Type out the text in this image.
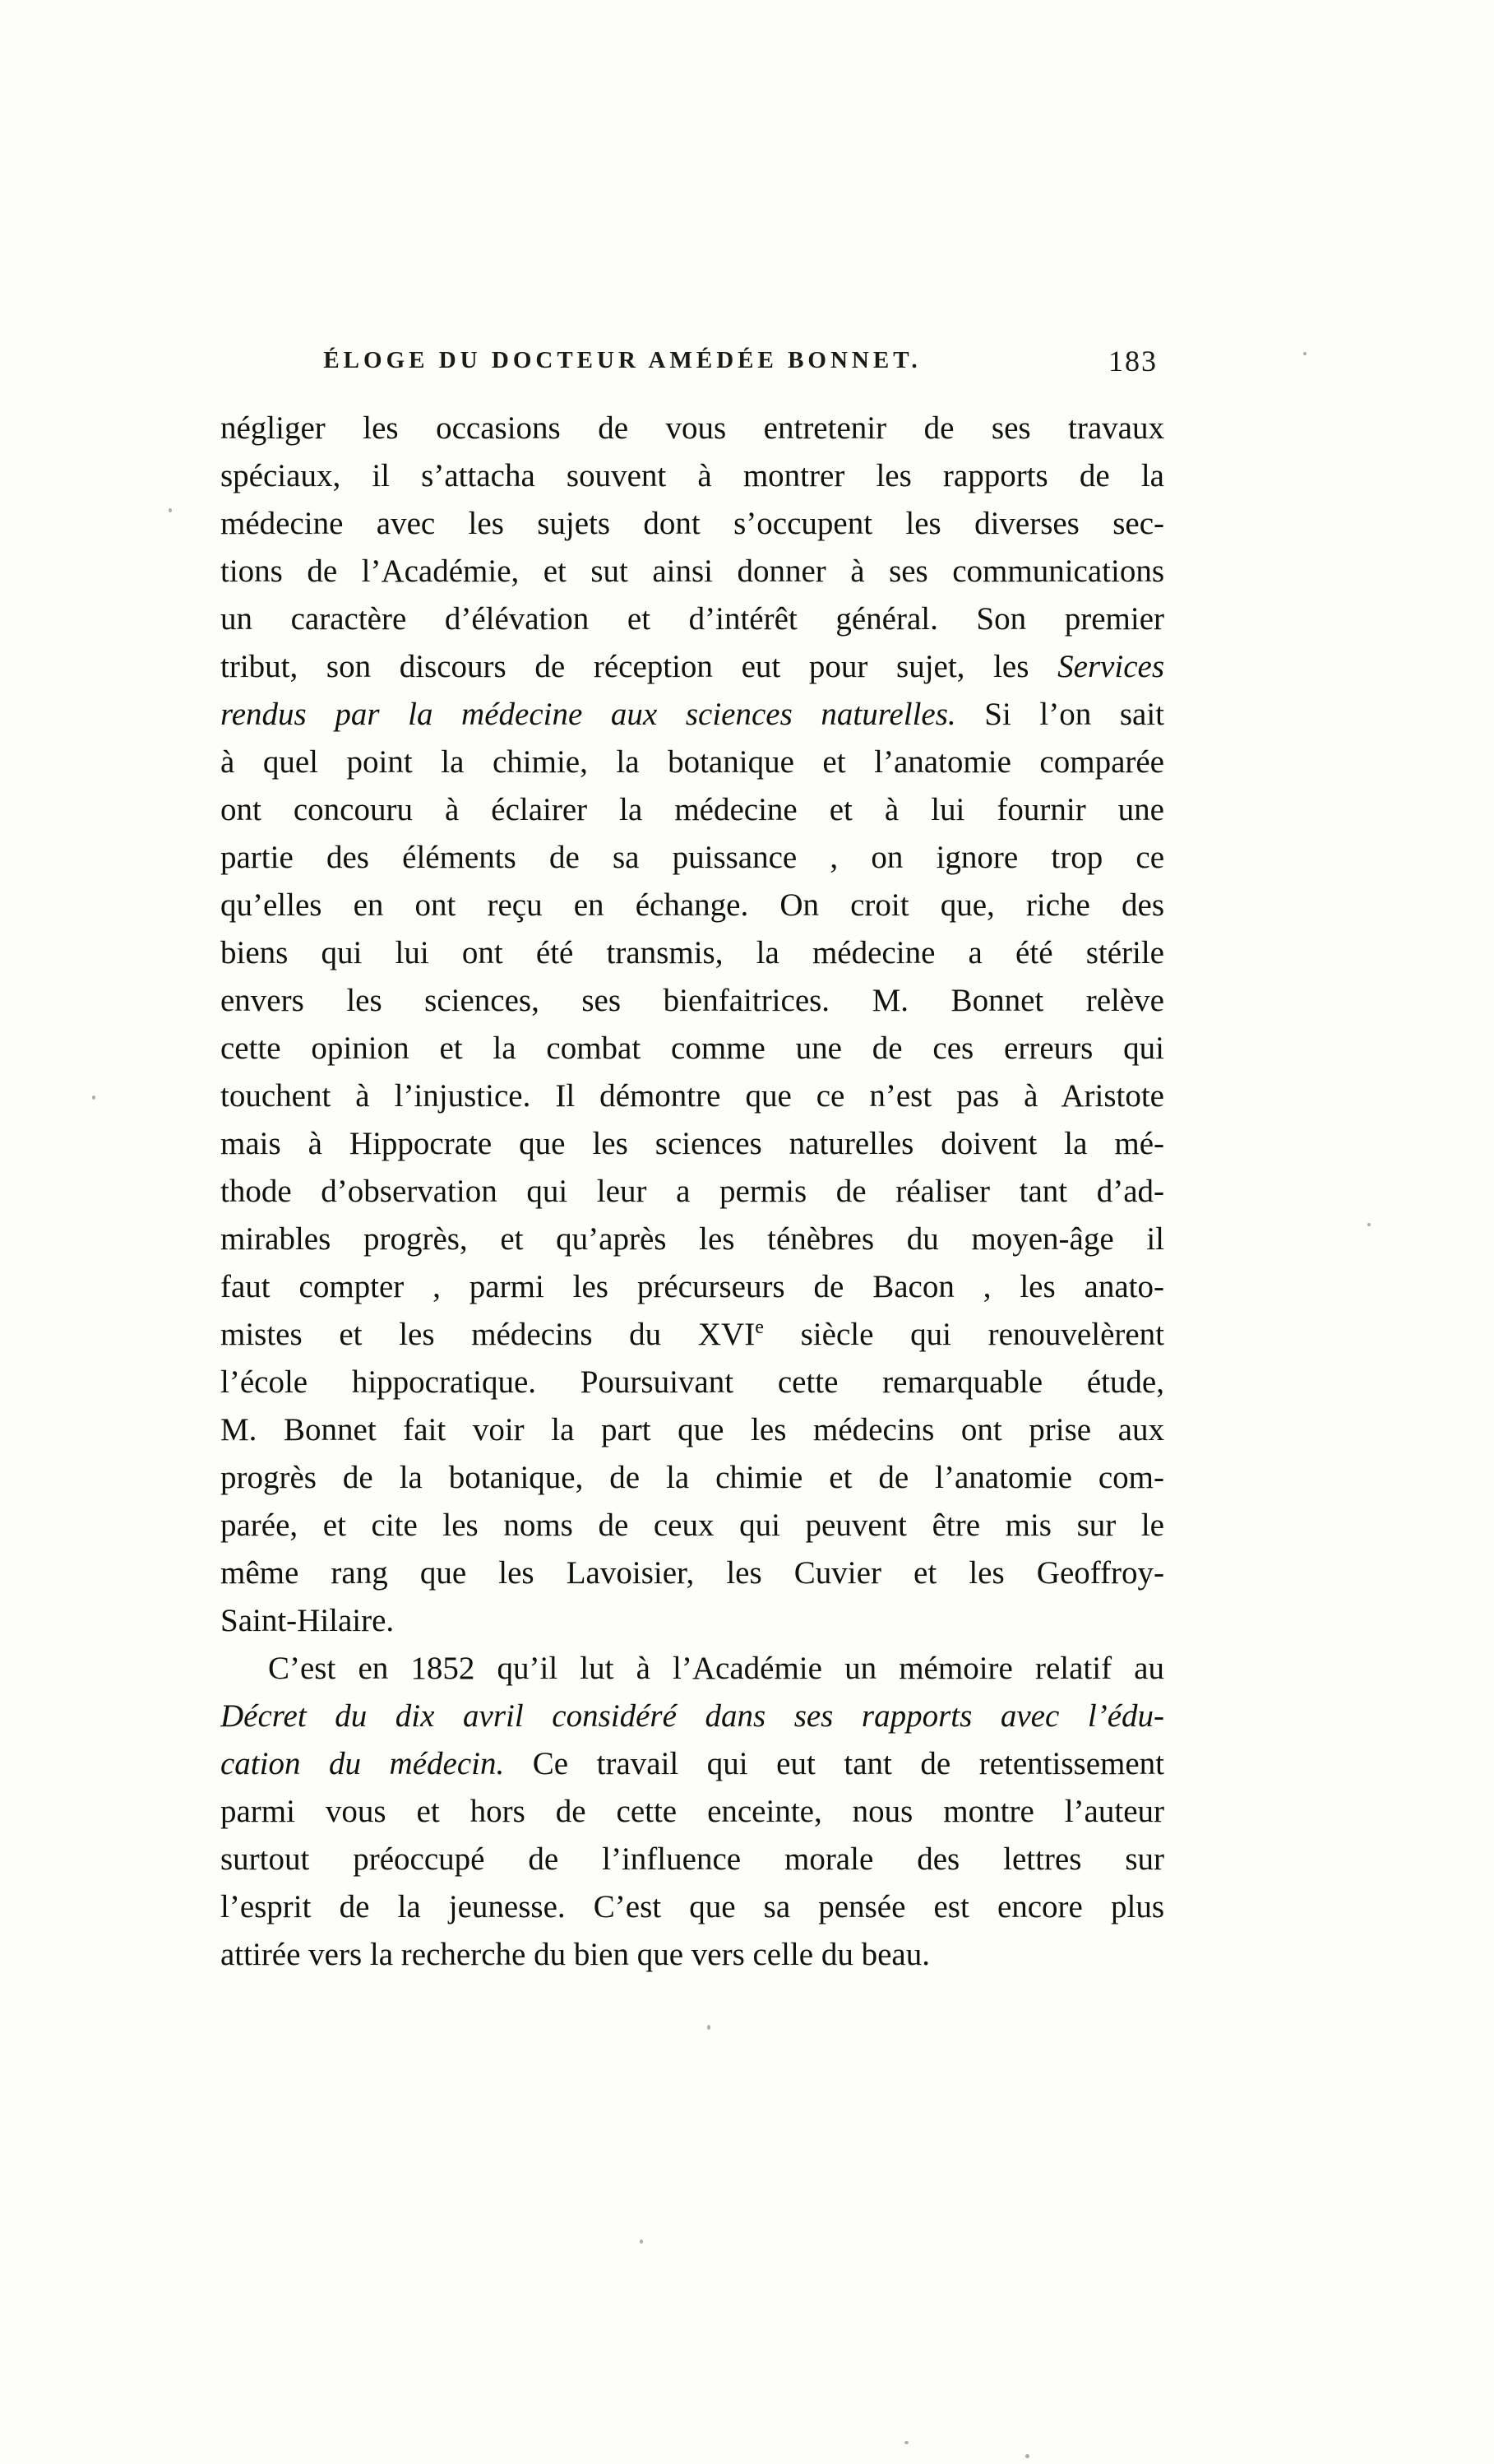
ÉLOGE DU DOCTEUR AMÉDÉE BONNET.	183
négliger les occasions de vous entretenir de ses travaux
spéciaux, il s’attacha souvent à montrer les rapports de la
médecine avec les sujets dont s’occupent les diverses sec-
tions de l’Académie, et sut ainsi donner à ses communications
un caractère d’élévation et d’intérêt général. Son premier
tribut, son discours de réception eut pour sujet, les Services
rendus par la médecine aux sciences naturelles. Si l’on sait
à quel point la chimie, la botanique et l’anatomie comparée
ont concouru à éclairer la médecine et à lui fournir une
partie des éléments de sa puissance , on ignore trop ce
qu’elles en ont reçu en échange. On croit que, riche des
biens qui lui ont été transmis, la médecine a été stérile
envers les sciences, ses bienfaitrices. M. Bonnet relève
cette opinion et la combat comme une de ces erreurs qui
touchent à l’injustice. Il démontre que ce n’est pas à Aristote
mais à Hippocrate que les sciences naturelles doivent la mé-
thode d’observation qui leur a permis de réaliser tant d’ad-
mirables progrès, et qu’après les ténèbres du moyen-âge il
faut compter , parmi les précurseurs de Bacon , les anato-
mistes et les médecins du XVIe siècle qui renouvelèrent
l’école hippocratique. Poursuivant cette remarquable étude,
M. Bonnet fait voir la part que les médecins ont prise aux
progrès de la botanique, de la chimie et de l’anatomie com-
parée, et cite les noms de ceux qui peuvent être mis sur le
même rang que les Lavoisier, les Cuvier et les Geoffroy-
Saint-Hilaire.
C’est en 1852 qu’il lut à l’Académie un mémoire relatif au
Décret du dix avril considéré dans ses rapports avec l’édu-
cation du médecin. Ce travail qui eut tant de retentissement
parmi vous et hors de cette enceinte, nous montre l’auteur
surtout préoccupé de l’influence morale des lettres sur
l’esprit de la jeunesse. C’est que sa pensée est encore plus
attirée vers la recherche du bien que vers celle du beau.
